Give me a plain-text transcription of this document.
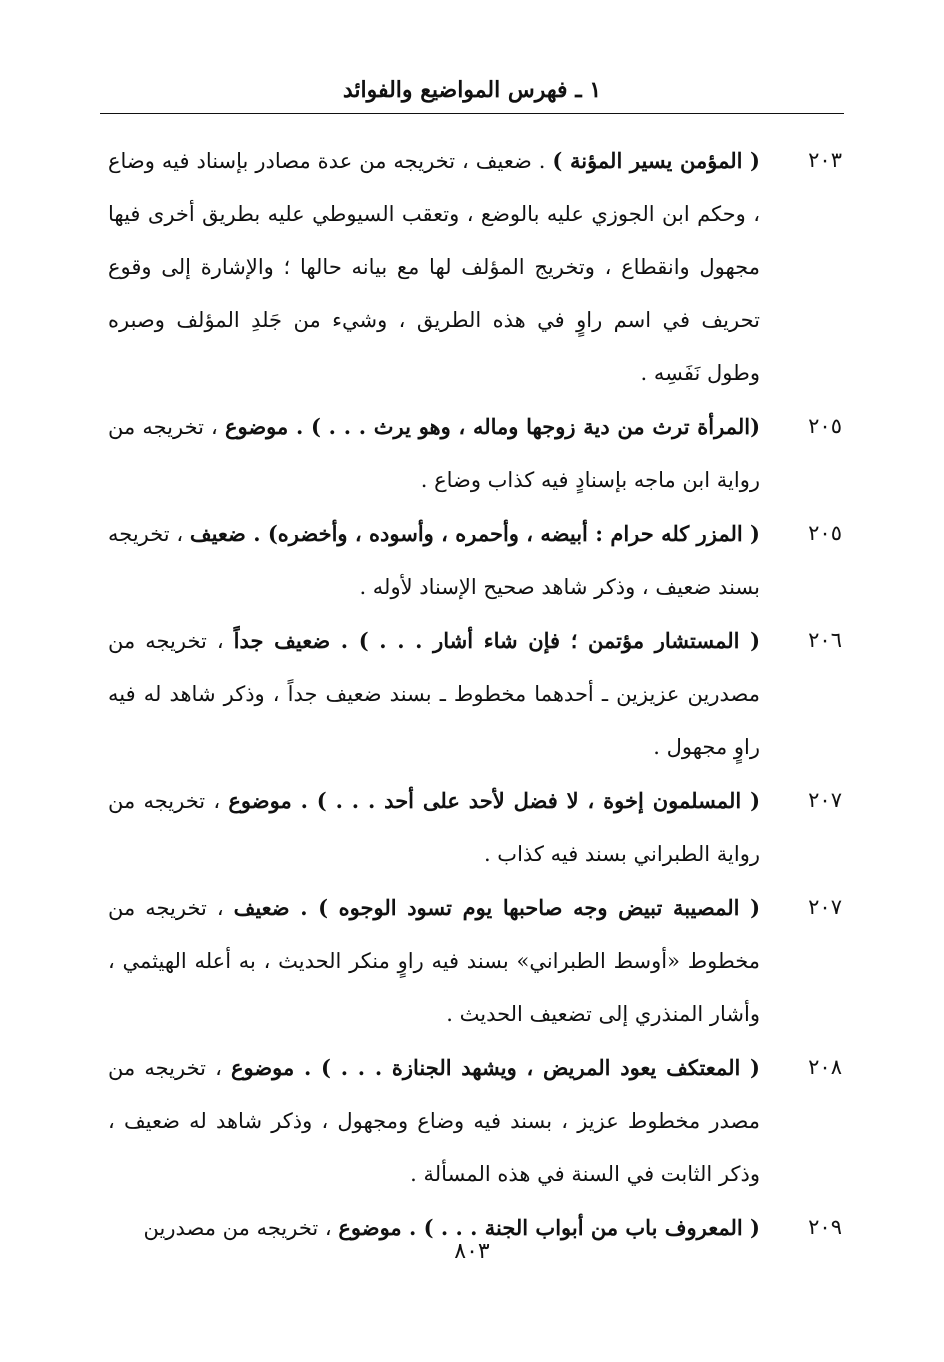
١ ـ فهرس المواضيع والفوائد
٢٠٣
( المؤمن يسير المؤنة ) . ضعيف ، تخريجه من عدة مصادر بإسناد فيه وضاع ، وحكم ابن الجوزي عليه بالوضع ، وتعقب السيوطي عليه بطريق أخرى فيها مجهول وانقطاع ، وتخريج المؤلف لها مع بيانه حالها ؛ والإشارة إلى وقوع تحريف في اسم راوٍ في هذه الطريق ، وشيء من جَلدِ المؤلف وصبره وطول نَفَسِه .
٢٠٥
(المرأة ترث من دية زوجها وماله ، وهو يرث . . . ) . موضوع ، تخريجه من رواية ابن ماجه بإسنادٍ فيه كذاب وضاع .
٢٠٥
( المزر كله حرام : أبيضه ، وأحمره ، وأسوده ، وأخضره) . ضعيف ، تخريجه بسند ضعيف ، وذكر شاهد صحيح الإسناد لأوله .
٢٠٦
( المستشار مؤتمن ؛ فإن شاء أشار . . . ) . ضعيف جداً ، تخريجه من مصدرين عزيزين ـ أحدهما مخطوط ـ بسند ضعيف جداً ، وذكر شاهد له فيه راوٍ مجهول .
٢٠٧
( المسلمون إخوة ، لا فضل لأحد على أحد . . . ) . موضوع ، تخريجه من رواية الطبراني بسند فيه كذاب .
٢٠٧
( المصيبة تبيض وجه صاحبها يوم تسود الوجوه ) . ضعيف ، تخريجه من مخطوط «أوسط الطبراني» بسند فيه راوٍ منكر الحديث ، به أعله الهيثمي ، وأشار المنذري إلى تضعيف الحديث .
٢٠٨
( المعتكف يعود المريض ، ويشهد الجنازة . . . ) . موضوع ، تخريجه من مصدر مخطوط عزيز ، بسند فيه وضاع ومجهول ، وذكر شاهد له ضعيف ، وذكر الثابت في السنة في هذه المسألة .
٢٠٩
( المعروف باب من أبواب الجنة . . . ) . موضوع ، تخريجه من مصدرين
٨٠٣
